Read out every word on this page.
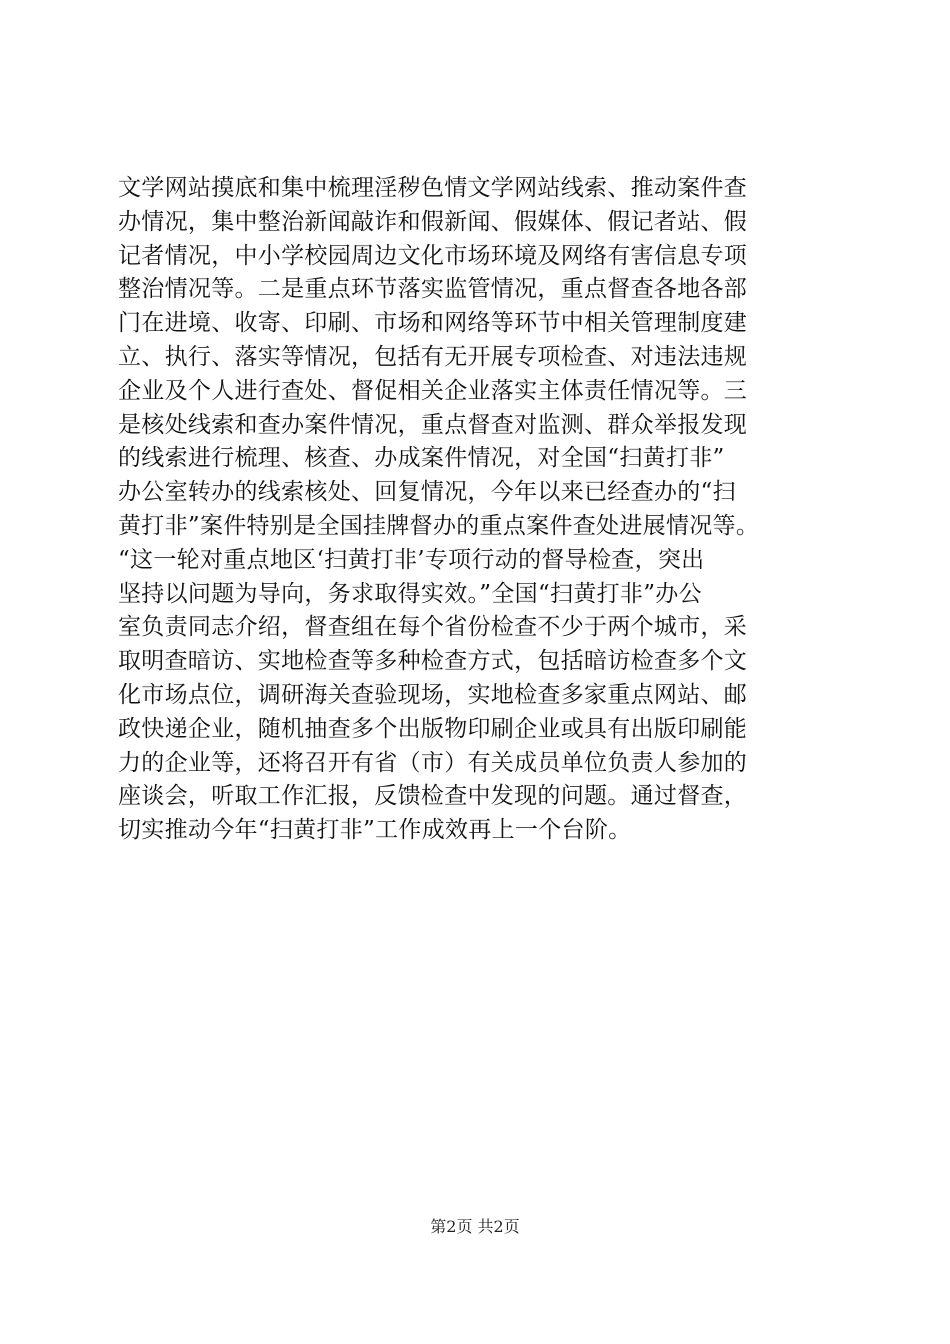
文学网站摸底和集中梳理淫秽色情文学网站线索、推动案件查
办情况，集中整治新闻敲诈和假新闻、假媒体、假记者站、假
记者情况，中小学校园周边文化市场环境及网络有害信息专项
整治情况等。二是重点环节落实监管情况，重点督查各地各部
门在进境、收寄、印刷、市场和网络等环节中相关管理制度建
立、执行、落实等情况，包括有无开展专项检查、对违法违规
企业及个人进行查处、督促相关企业落实主体责任情况等。三
是核处线索和查办案件情况，重点督查对监测、群众举报发现
的线索进行梳理、核查、办成案件情况，对全国“扫黄打非”
办公室转办的线索核处、回复情况，今年以来已经查办的“扫
黄打非”案件特别是全国挂牌督办的重点案件查处进展情况等。
“这一轮对重点地区‘扫黄打非’专项行动的督导检查，突出
坚持以问题为导向，务求取得实效。”全国“扫黄打非”办公
室负责同志介绍，督查组在每个省份检查不少于两个城市，采
取明查暗访、实地检查等多种检查方式，包括暗访检查多个文
化市场点位，调研海关查验现场，实地检查多家重点网站、邮
政快递企业，随机抽查多个出版物印刷企业或具有出版印刷能
力的企业等，还将召开有省（市）有关成员单位负责人参加的
座谈会，听取工作汇报，反馈检查中发现的问题。通过督查，
切实推动今年“扫黄打非”工作成效再上一个台阶。
第2页 共2页
